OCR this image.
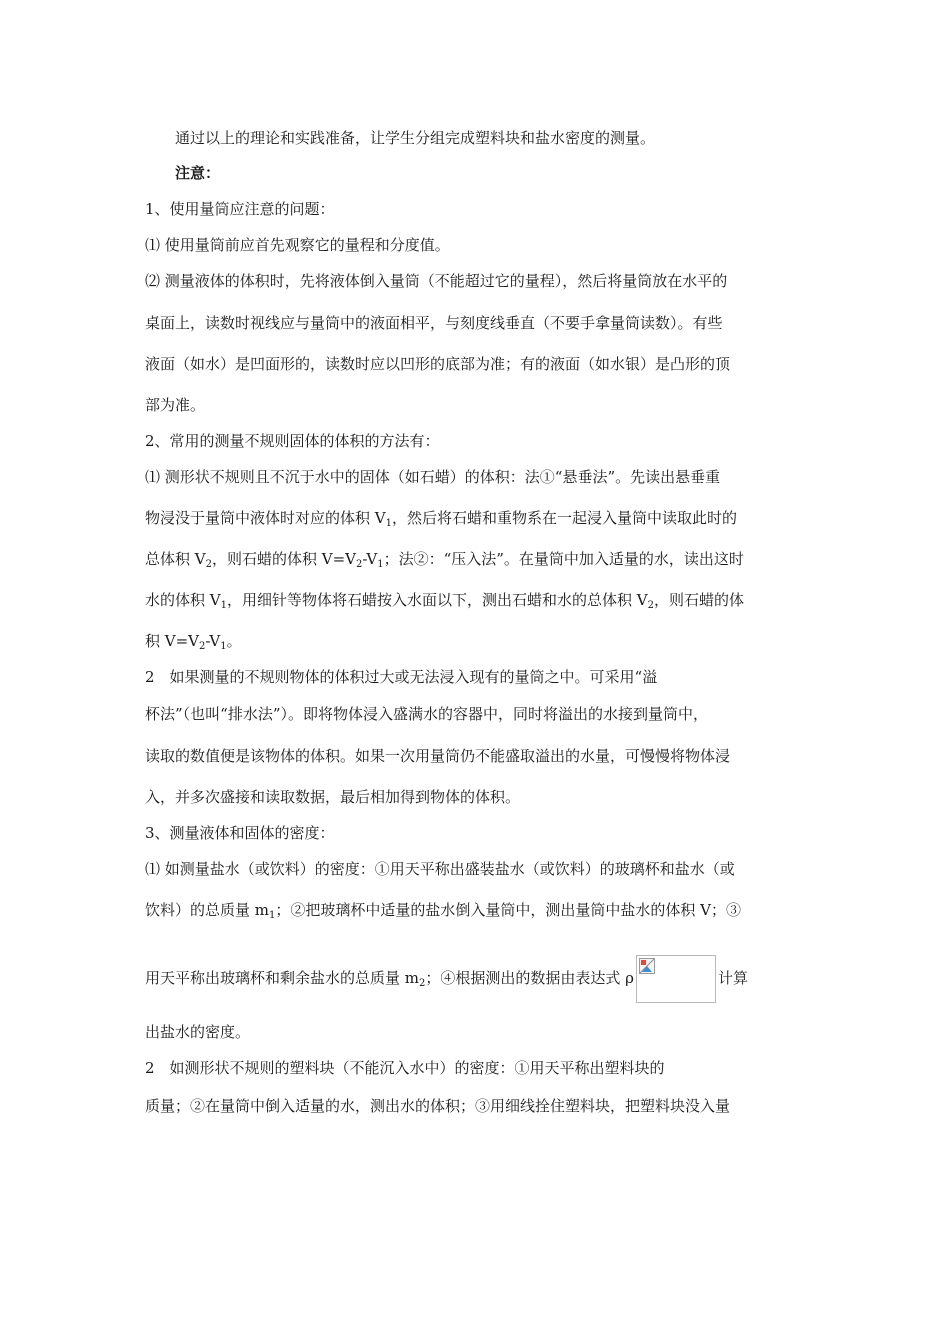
通过以上的理论和实践准备，让学生分组完成塑料块和盐水密度的测量。

注意：

1、使用量筒应注意的问题：

⑴ 使用量筒前应首先观察它的量程和分度值。

⑵ 测量液体的体积时，先将液体倒入量筒（不能超过它的量程），然后将量筒放在水平的

桌面上，读数时视线应与量筒中的液面相平，与刻度线垂直（不要手拿量筒读数）。有些

液面（如水）是凹面形的，读数时应以凹形的底部为准；有的液面（如水银）是凸形的顶

部为准。

2、常用的测量不规则固体的体积的方法有：

⑴ 测形状不规则且不沉于水中的固体（如石蜡）的体积：法①“悬垂法”。先读出悬垂重

物浸没于量筒中液体时对应的体积 $V_1$，然后将石蜡和重物系在一起浸入量筒中读取此时的

总体积 $V_2$，则石蜡的体积 $V=V_2-V_1$；法②：“压入法”。在量筒中加入适量的水，读出这时

水的体积 $V_1$，用细针等物体将石蜡按入水面以下，测出石蜡和水的总体积 $V_2$，则石蜡的体

积 $V=V_2-V_1$。

2　如果测量的不规则物体的体积过大或无法浸入现有的量筒之中。可采用“溢

杯法”（也叫“排水法”）。即将物体浸入盛满水的容器中，同时将溢出的水接到量筒中，

读取的数值便是该物体的体积。如果一次用量筒仍不能盛取溢出的水量，可慢慢将物体浸

入，并多次盛接和读取数据，最后相加得到物体的体积。

3、测量液体和固体的密度：

⑴ 如测量盐水（或饮料）的密度：①用天平称出盛装盐水（或饮料）的玻璃杯和盐水（或

饮料）的总质量 $m_1$；②把玻璃杯中适量的盐水倒入量筒中，测出量筒中盐水的体积 V；③

用天平称出玻璃杯和剩余盐水的总质量 $m_2$；④根据测出的数据由表达式 ρ	计算

出盐水的密度。

2　如测形状不规则的塑料块（不能沉入水中）的密度：①用天平称出塑料块的

质量；②在量筒中倒入适量的水，测出水的体积；③用细线拴住塑料块，把塑料块没入量
